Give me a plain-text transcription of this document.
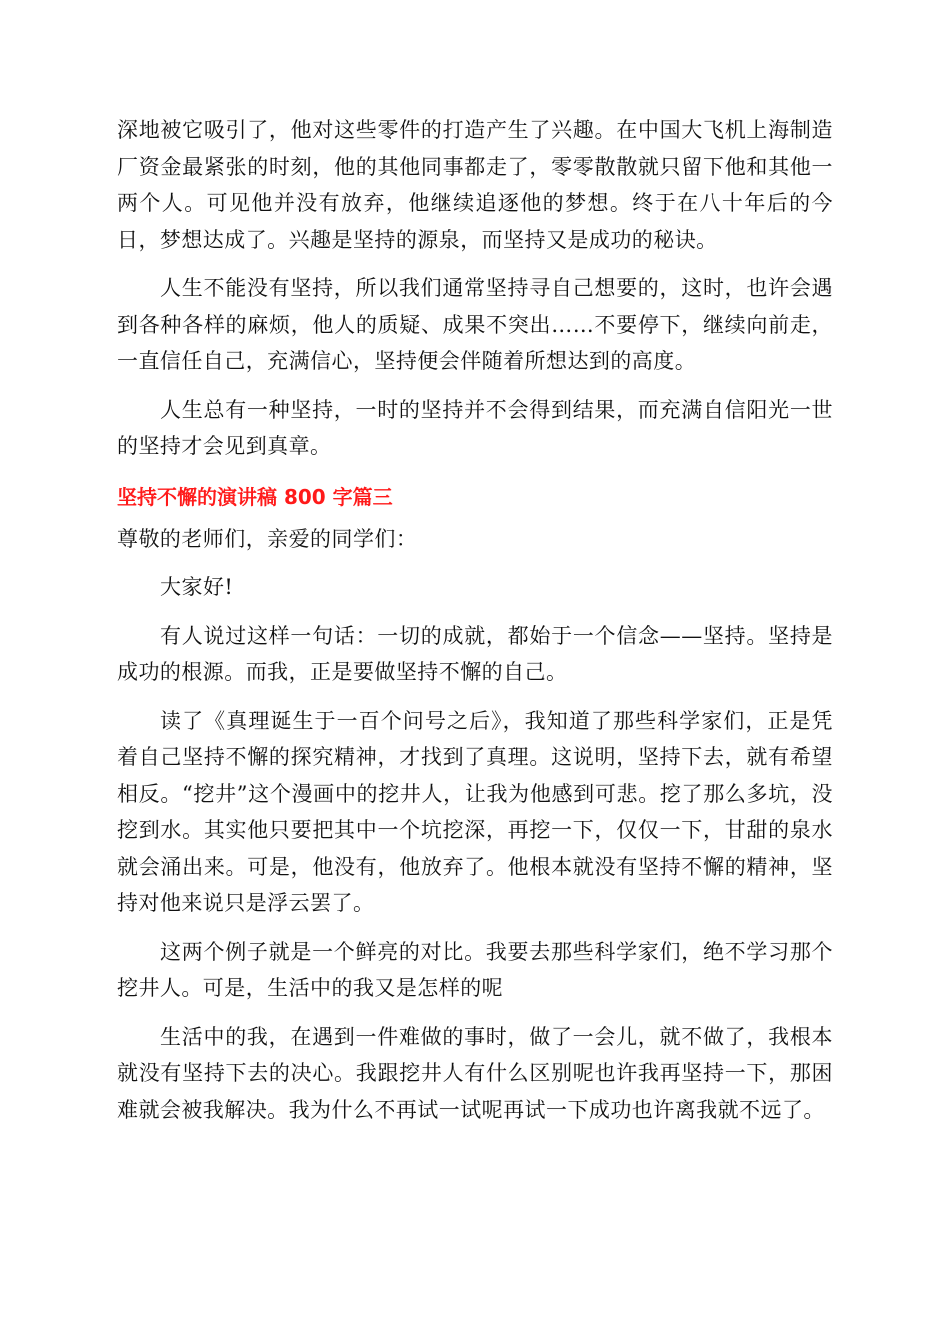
深地被它吸引了，他对这些零件的打造产生了兴趣。在中国大飞机上海制造厂资金最紧张的时刻，他的其他同事都走了，零零散散就只留下他和其他一两个人。可见他并没有放弃，他继续追逐他的梦想。终于在八十年后的今日，梦想达成了。兴趣是坚持的源泉，而坚持又是成功的秘诀。

人生不能没有坚持，所以我们通常坚持寻自己想要的，这时，也许会遇到各种各样的麻烦，他人的质疑、成果不突出……不要停下，继续向前走，一直信任自己，充满信心，坚持便会伴随着所想达到的高度。

人生总有一种坚持，一时的坚持并不会得到结果，而充满自信阳光一世的坚持才会见到真章。

坚持不懈的演讲稿 800 字篇三

尊敬的老师们，亲爱的同学们：

大家好!

有人说过这样一句话：一切的成就，都始于一个信念——坚持。坚持是成功的根源。而我，正是要做坚持不懈的自己。

读了《真理诞生于一百个问号之后》，我知道了那些科学家们，正是凭着自己坚持不懈的探究精神，才找到了真理。这说明，坚持下去，就有希望相反。“挖井”这个漫画中的挖井人，让我为他感到可悲。挖了那么多坑，没挖到水。其实他只要把其中一个坑挖深，再挖一下，仅仅一下，甘甜的泉水就会涌出来。可是，他没有，他放弃了。他根本就没有坚持不懈的精神，坚持对他来说只是浮云罢了。

这两个例子就是一个鲜亮的对比。我要去那些科学家们，绝不学习那个挖井人。可是，生活中的我又是怎样的呢

生活中的我，在遇到一件难做的事时，做了一会儿，就不做了，我根本就没有坚持下去的决心。我跟挖井人有什么区别呢也许我再坚持一下，那困难就会被我解决。我为什么不再试一试呢再试一下成功也许离我就不远了。
